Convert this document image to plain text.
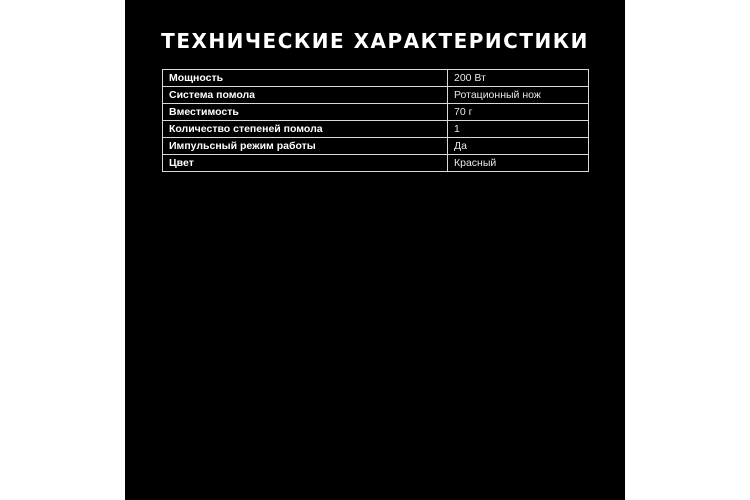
ТЕХНИЧЕСКИЕ ХАРАКТЕРИСТИКИ
Мощность	200 Вт
Система помола	Ротационный нож
Вместимость	70 г
Количество степеней помола	1
Импульсный режим работы	Да
Цвет	Красный
